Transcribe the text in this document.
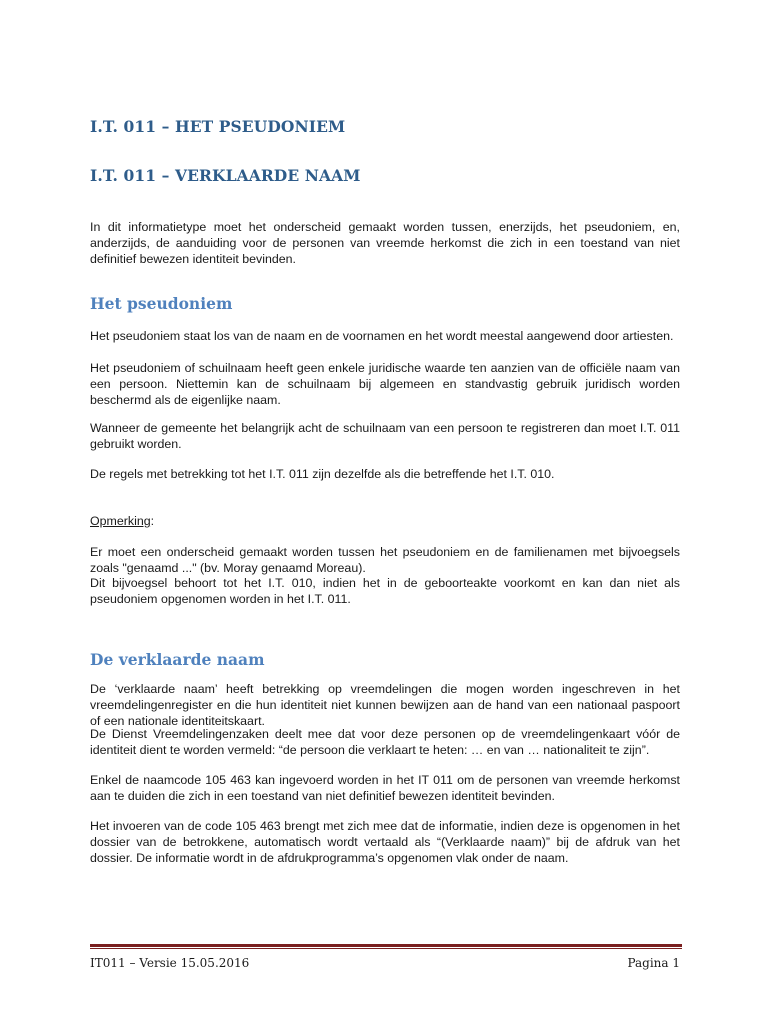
I.T. 011 – HET PSEUDONIEM
I.T. 011 – VERKLAARDE NAAM

In dit informatietype moet het onderscheid gemaakt worden tussen, enerzijds, het pseudoniem, en, anderzijds, de aanduiding voor de personen van vreemde herkomst die zich in een toestand van niet definitief bewezen identiteit bevinden.

Het pseudoniem

Het pseudoniem staat los van de naam en de voornamen en het wordt meestal aangewend door artiesten.

Het pseudoniem of schuilnaam heeft geen enkele juridische waarde ten aanzien van de officiële naam van een persoon. Niettemin kan de schuilnaam bij algemeen en standvastig gebruik juridisch worden beschermd als de eigenlijke naam.

Wanneer de gemeente het belangrijk acht de schuilnaam van een persoon te registreren dan moet I.T. 011 gebruikt worden.

De regels met betrekking tot het I.T. 011 zijn dezelfde als die betreffende het I.T. 010.

Opmerking:

Er moet een onderscheid gemaakt worden tussen het pseudoniem en de familienamen met bijvoegsels zoals "genaamd ..." (bv. Moray genaamd Moreau).

Dit bijvoegsel behoort tot het I.T. 010, indien het in de geboorteakte voorkomt en kan dan niet als pseudoniem opgenomen worden in het I.T. 011.

De verklaarde naam

De ‘verklaarde naam’ heeft betrekking op vreemdelingen die mogen worden ingeschreven in het vreemdelingenregister en die hun identiteit niet kunnen bewijzen aan de hand van een nationaal paspoort of een nationale identiteitskaart.

De Dienst Vreemdelingenzaken deelt mee dat voor deze personen op de vreemdelingenkaart vóór de identiteit dient te worden vermeld: “de persoon die verklaart te heten: … en van … nationaliteit te zijn”.

Enkel de naamcode 105 463 kan ingevoerd worden in het IT 011 om de personen van vreemde herkomst aan te duiden die zich in een toestand van niet definitief bewezen identiteit bevinden.

Het invoeren van de code 105 463 brengt met zich mee dat de informatie, indien deze is opgenomen in het dossier van de betrokkene, automatisch wordt vertaald als “(Verklaarde naam)” bij de afdruk van het dossier. De informatie wordt in de afdrukprogramma’s opgenomen vlak onder de naam.

IT011 – Versie 15.05.2016	Pagina 1
